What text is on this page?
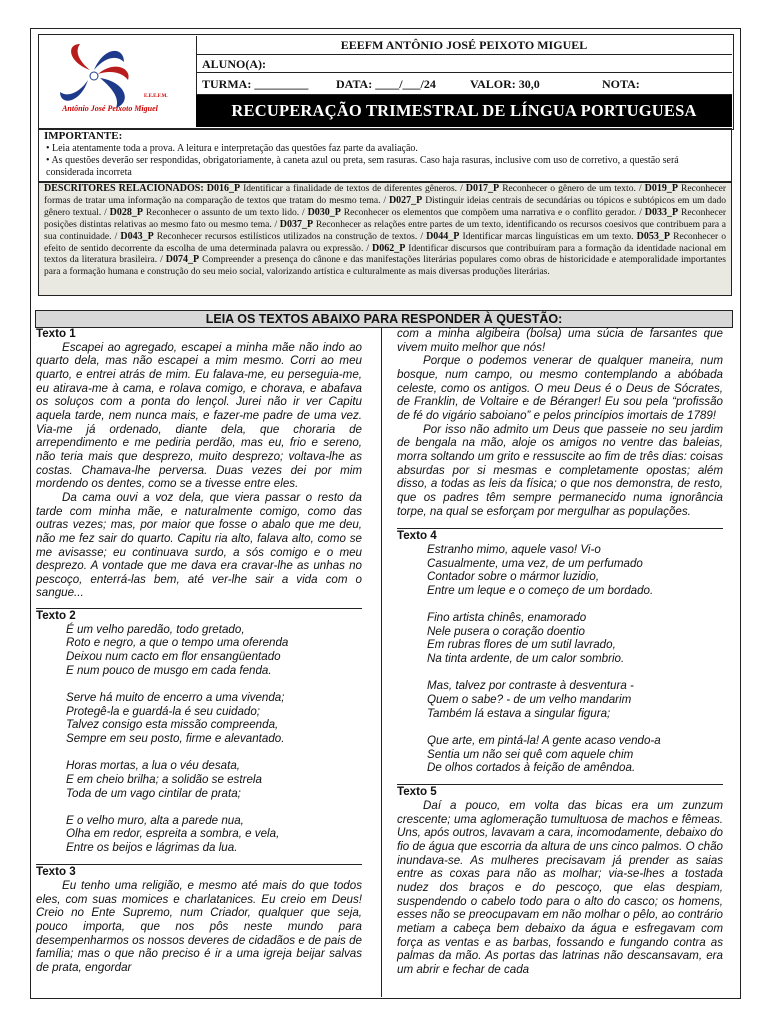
E.E.E.F.M.
Antônio José Peixoto Miguel
EEEFM ANTÔNIO JOSÉ PEIXOTO MIGUEL
ALUNO(A):
TURMA: _________ DATA: ____/___/24	VALOR: 30,0	NOTA:
RECUPERAÇÃO TRIMESTRAL DE LÍNGUA PORTUGUESA
IMPORTANTE:
• Leia atentamente toda a prova. A leitura e interpretação das questões faz parte da avaliação.
• As questões deverão ser respondidas, obrigatoriamente, à caneta azul ou preta, sem rasuras. Caso haja rasuras, inclusive com uso de corretivo, a questão será considerada incorreta
DESCRITORES RELACIONADOS: D016_P Identificar a finalidade de textos de diferentes gêneros. / D017_P Reconhecer o gênero de um texto. / D019_P Reconhecer formas de tratar uma informação na comparação de textos que tratam do mesmo tema. / D027_P Distinguir ideias centrais de secundárias ou tópicos e subtópicos em um dado gênero textual. / D028_P Reconhecer o assunto de um texto lido. / D030_P Reconhecer os elementos que compõem uma narrativa e o conflito gerador. / D033_P Reconhecer posições distintas relativas ao mesmo fato ou mesmo tema. / D037_P Reconhecer as relações entre partes de um texto, identificando os recursos coesivos que contribuem para a sua continuidade. / D043_P Reconhecer recursos estilísticos utilizados na construção de textos. / D044_P Identificar marcas linguísticas em um texto. D053_P Reconhecer o efeito de sentido decorrente da escolha de uma determinada palavra ou expressão. / D062_P Identificar discursos que contribuíram para a formação da identidade nacional em textos da literatura brasileira. / D074_P Compreender a presença do cânone e das manifestações literárias populares como obras de historicidade e atemporalidade importantes para a formação humana e construção do seu meio social, valorizando artística e culturalmente as mais diversas produções literárias.
LEIA OS TEXTOS ABAIXO PARA RESPONDER À QUESTÃO:
Texto 1

Escapei ao agregado, escapei a minha mãe não indo ao quarto dela, mas não escapei a mim mesmo. Corri ao meu quarto, e entrei atrás de mim. Eu falava-me, eu perseguia-me, eu atirava-me à cama, e rolava comigo, e chorava, e abafava os soluços com a ponta do lençol. Jurei não ir ver Capitu aquela tarde, nem nunca mais, e fazer-me padre de uma vez. Via-me já ordenado, diante dela, que choraria de arrependimento e me pediria perdão, mas eu, frio e sereno, não teria mais que desprezo, muito desprezo; voltava-lhe as costas. Chamava-lhe perversa. Duas vezes dei por mim mordendo os dentes, como se a tivesse entre eles.

Da cama ouvi a voz dela, que viera passar o resto da tarde com minha mãe, e naturalmente comigo, como das outras vezes; mas, por maior que fosse o abalo que me deu, não me fez sair do quarto. Capitu ria alto, falava alto, como se me avisasse; eu continuava surdo, a sós comigo e o meu desprezo. A vontade que me dava era cravar-lhe as unhas no pescoço, enterrá-las bem, até ver-lhe sair a vida com o sangue...

Texto 2
É um velho paredão, todo gretado,
Roto e negro, a que o tempo uma oferenda
Deixou num cacto em flor ensangüentado
E num pouco de musgo em cada fenda.
Serve há muito de encerro a uma vivenda;
Protegê-la e guardá-la é seu cuidado;
Talvez consigo esta missão compreenda,
Sempre em seu posto, firme e alevantado.
Horas mortas, a lua o véu desata,
E em cheio brilha; a solidão se estrela
Toda de um vago cintilar de prata;
E o velho muro, alta a parede nua,
Olha em redor, espreita a sombra, e vela,
Entre os beijos e lágrimas da lua.
Texto 3

Eu tenho uma religião, e mesmo até mais do que todos eles, com suas momices e charlatanices. Eu creio em Deus! Creio no Ente Supremo, num Criador, qualquer que seja, pouco importa, que nos pôs neste mundo para desempenharmos os nossos deveres de cidadãos e de pais de família; mas o que não preciso é ir a uma igreja beijar salvas de prata, engordar

com a minha algibeira (bolsa) uma súcia de farsantes que vivem muito melhor que nós!

Porque o podemos venerar de qualquer maneira, num bosque, num campo, ou mesmo contemplando a abóbada celeste, como os antigos. O meu Deus é o Deus de Sócrates, de Franklin, de Voltaire e de Béranger! Eu sou pela “profissão de fé do vigário saboiano” e pelos princípios imortais de 1789!

Por isso não admito um Deus que passeie no seu jardim de bengala na mão, aloje os amigos no ventre das baleias, morra soltando um grito e ressuscite ao fim de três dias: coisas absurdas por si mesmas e completamente opostas; além disso, a todas as leis da física; o que nos demonstra, de resto, que os padres têm sempre permanecido numa ignorância torpe, na qual se esforçam por mergulhar as populações.

Texto 4
Estranho mimo, aquele vaso! Vi-o
Casualmente, uma vez, de um perfumado
Contador sobre o mármor luzidio,
Entre um leque e o começo de um bordado.
Fino artista chinês, enamorado
Nele pusera o coração doentio
Em rubras flores de um sutil lavrado,
Na tinta ardente, de um calor sombrio.
Mas, talvez por contraste à desventura -
Quem o sabe? - de um velho mandarim
Também lá estava a singular figura;
Que arte, em pintá-la! A gente acaso vendo-a
Sentia um não sei quê com aquele chim
De olhos cortados à feição de amêndoa.
Texto 5

Daí a pouco, em volta das bicas era um zunzum crescente; uma aglomeração tumultuosa de machos e fêmeas. Uns, após outros, lavavam a cara, incomodamente, debaixo do fio de água que escorria da altura de uns cinco palmos. O chão inundava-se. As mulheres precisavam já prender as saias entre as coxas para não as molhar; via-se-lhes a tostada nudez dos braços e do pescoço, que elas despiam, suspendendo o cabelo todo para o alto do casco; os homens, esses não se preocupavam em não molhar o pêlo, ao contrário metiam a cabeça bem debaixo da água e esfregavam com força as ventas e as barbas, fossando e fungando contra as palmas da mão. As portas das latrinas não descansavam, era um abrir e fechar de cada
